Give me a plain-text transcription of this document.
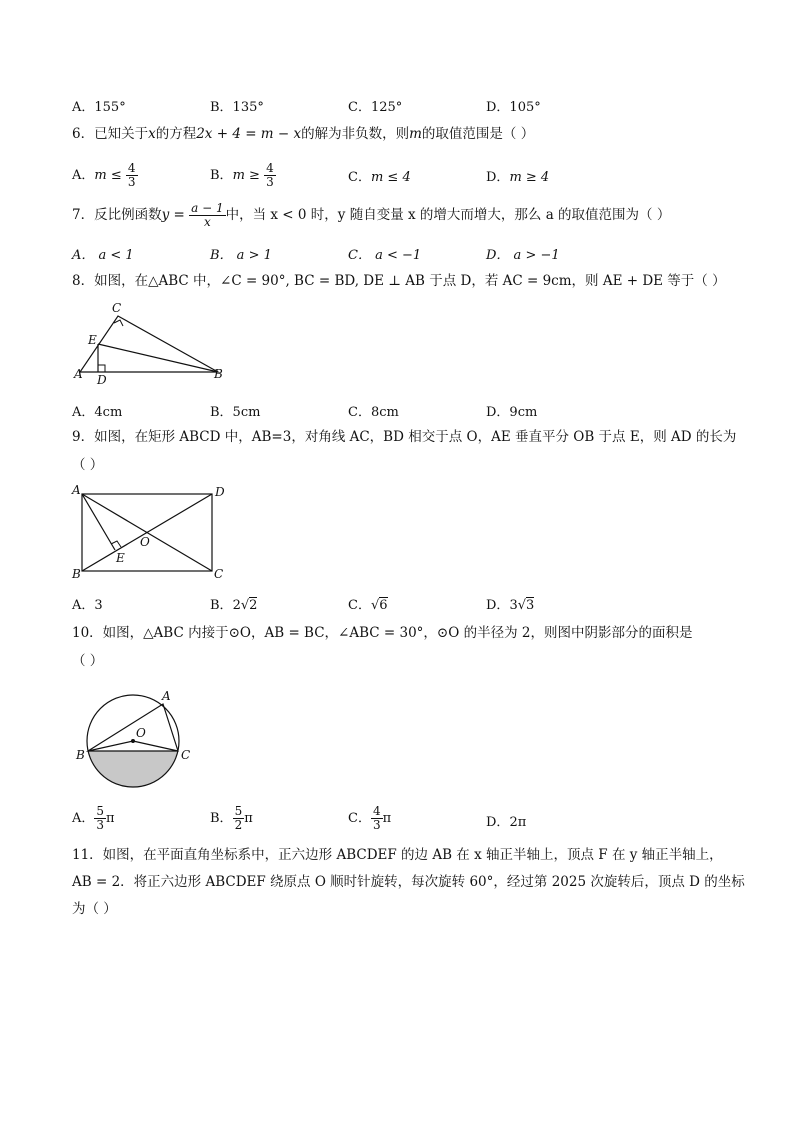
A．155°	B．135°	C．125°	D．105°
6．已知关于x的方程2x + 4 = m − x的解为非负数，则m的取值范围是（ ）
A．$m \le \frac{4}{3}$	B．$m \ge \frac{4}{3}$	C．m ≤ 4	D．m ≥ 4
7．反比例函数$y = \frac{a - 1}{x}$ 中，当 x < 0 时，y 随自变量 x 的增大而增大，那么 a 的取值范围为（ ）
A． a < 1	B． a > 1	C． a < −1	D． a > −1
8．如图，在△ABC 中，∠C = 90°, BC = BD, DE ⊥ AB 于点 D，若 AC = 9cm，则 AE + DE 等于（ ）
C
E
A D	B
A．4cm	B．5cm	C．8cm	D．9cm
9．如图，在矩形 ABCD 中，AB=3，对角线 AC，BD 相交于点 O，AE 垂直平分 OB 于点 E，则 AD 的长为
（ ）
A	D
B	C
E
O
A．3	B．2√2	C．√6	D．3√3
10．如图，△ABC 内接于⊙O，AB = BC，∠ABC = 30°，⊙O 的半径为 2，则图中阴影部分的面积是
（ ）
A
O
B	C
A． $\frac{5}{3}$ π	B． $\frac{5}{2}$ π	C． $\frac{4}{3}$ π	D．2π
11．如图，在平面直角坐标系中，正六边形 ABCDEF 的边 AB 在 x 轴正半轴上，顶点 F 在 y 轴正半轴上，
AB = 2．将正六边形 ABCDEF 绕原点 O 顺时针旋转，每次旋转 60°，经过第 2025 次旋转后，顶点 D 的坐标
为（ ）
